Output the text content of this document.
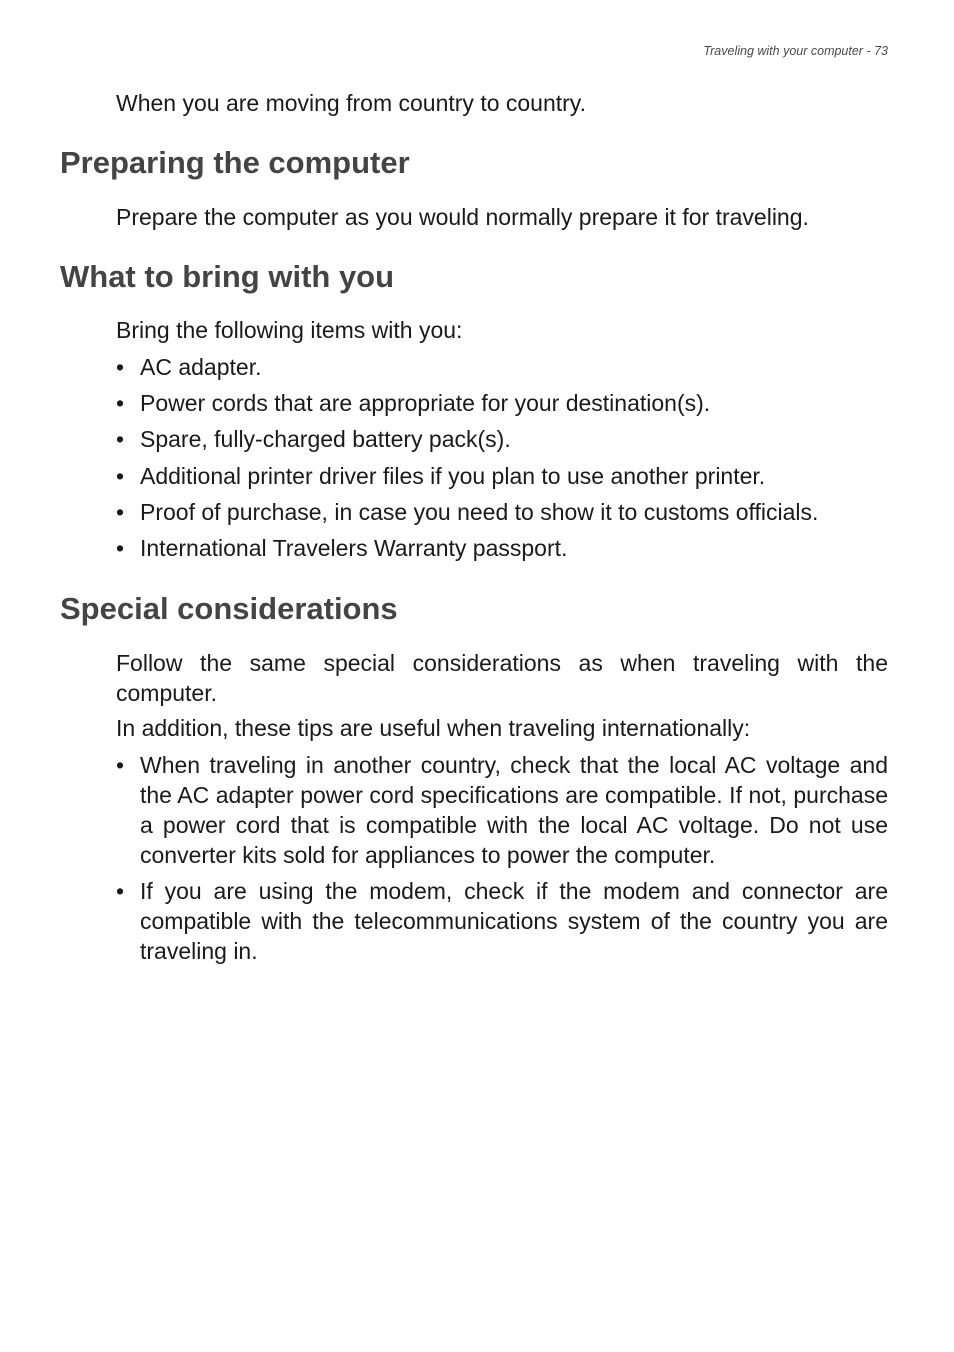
Traveling with your computer - 73

When you are moving from country to country.

Preparing the computer

Prepare the computer as you would normally prepare it for traveling.

What to bring with you

Bring the following items with you:

• AC adapter.
• Power cords that are appropriate for your destination(s).
• Spare, fully-charged battery pack(s).
• Additional printer driver files if you plan to use another printer.
• Proof of purchase, in case you need to show it to customs officials.
• International Travelers Warranty passport.
Special considerations

Follow the same special considerations as when traveling with the computer.

In addition, these tips are useful when traveling internationally:

• When traveling in another country, check that the local AC voltage and the AC adapter power cord specifications are compatible. If not, purchase a power cord that is compatible with the local AC voltage. Do not use converter kits sold for appliances to power the computer.
• If you are using the modem, check if the modem and connector are compatible with the telecommunications system of the country you are traveling in.
